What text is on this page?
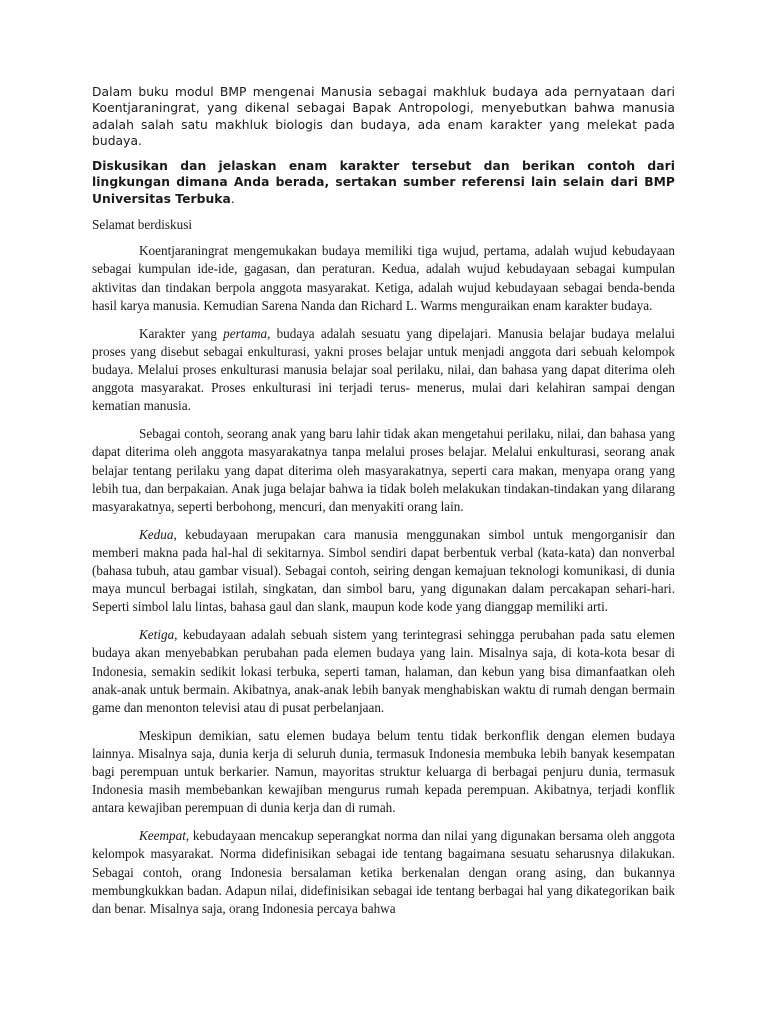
Dalam buku modul BMP mengenai Manusia sebagai makhluk budaya ada pernyataan dari Koentjaraningrat, yang dikenal sebagai Bapak Antropologi, menyebutkan bahwa manusia adalah salah satu makhluk biologis dan budaya, ada enam karakter yang melekat pada budaya.

Diskusikan dan jelaskan enam karakter tersebut dan berikan contoh dari lingkungan dimana Anda berada, sertakan sumber referensi lain selain dari BMP Universitas Terbuka.

Selamat berdiskusi

Koentjaraningrat mengemukakan budaya memiliki tiga wujud, pertama, adalah wujud kebudayaan sebagai kumpulan ide-ide, gagasan, dan peraturan. Kedua, adalah wujud kebudayaan sebagai kumpulan aktivitas dan tindakan berpola anggota masyarakat. Ketiga, adalah wujud kebudayaan sebagai benda-benda hasil karya manusia. Kemudian Sarena Nanda dan Richard L. Warms menguraikan enam karakter budaya.

Karakter yang pertama, budaya adalah sesuatu yang dipelajari. Manusia belajar budaya melalui proses yang disebut sebagai enkulturasi, yakni proses belajar untuk menjadi anggota dari sebuah kelompok budaya. Melalui proses enkulturasi manusia belajar soal perilaku, nilai, dan bahasa yang dapat diterima oleh anggota masyarakat. Proses enkulturasi ini terjadi terus- menerus, mulai dari kelahiran sampai dengan kematian manusia.

Sebagai contoh, seorang anak yang baru lahir tidak akan mengetahui perilaku, nilai, dan bahasa yang dapat diterima oleh anggota masyarakatnya tanpa melalui proses belajar. Melalui enkulturasi, seorang anak belajar tentang perilaku yang dapat diterima oleh masyarakatnya, seperti cara makan, menyapa orang yang lebih tua, dan berpakaian. Anak juga belajar bahwa ia tidak boleh melakukan tindakan-tindakan yang dilarang masyarakatnya, seperti berbohong, mencuri, dan menyakiti orang lain.

Kedua, kebudayaan merupakan cara manusia menggunakan simbol untuk mengorganisir dan memberi makna pada hal-hal di sekitarnya. Simbol sendiri dapat berbentuk verbal (kata-kata) dan nonverbal (bahasa tubuh, atau gambar visual). Sebagai contoh, seiring dengan kemajuan teknologi komunikasi, di dunia maya muncul berbagai istilah, singkatan, dan simbol baru, yang digunakan dalam percakapan sehari-hari. Seperti simbol lalu lintas, bahasa gaul dan slank, maupun kode kode yang dianggap memiliki arti.

Ketiga, kebudayaan adalah sebuah sistem yang terintegrasi sehingga perubahan pada satu elemen budaya akan menyebabkan perubahan pada elemen budaya yang lain. Misalnya saja, di kota-kota besar di Indonesia, semakin sedikit lokasi terbuka, seperti taman, halaman, dan kebun yang bisa dimanfaatkan oleh anak-anak untuk bermain. Akibatnya, anak-anak lebih banyak menghabiskan waktu di rumah dengan bermain game dan menonton televisi atau di pusat perbelanjaan.

Meskipun demikian, satu elemen budaya belum tentu tidak berkonflik dengan elemen budaya lainnya. Misalnya saja, dunia kerja di seluruh dunia, termasuk Indonesia membuka lebih banyak kesempatan bagi perempuan untuk berkarier. Namun, mayoritas struktur keluarga di berbagai penjuru dunia, termasuk Indonesia masih membebankan kewajiban mengurus rumah kepada perempuan. Akibatnya, terjadi konflik antara kewajiban perempuan di dunia kerja dan di rumah.

Keempat, kebudayaan mencakup seperangkat norma dan nilai yang digunakan bersama oleh anggota kelompok masyarakat. Norma didefinisikan sebagai ide tentang bagaimana sesuatu seharusnya dilakukan. Sebagai contoh, orang Indonesia bersalaman ketika berkenalan dengan orang asing, dan bukannya membungkukkan badan. Adapun nilai, didefinisikan sebagai ide tentang berbagai hal yang dikategorikan baik dan benar. Misalnya saja, orang Indonesia percaya bahwa
